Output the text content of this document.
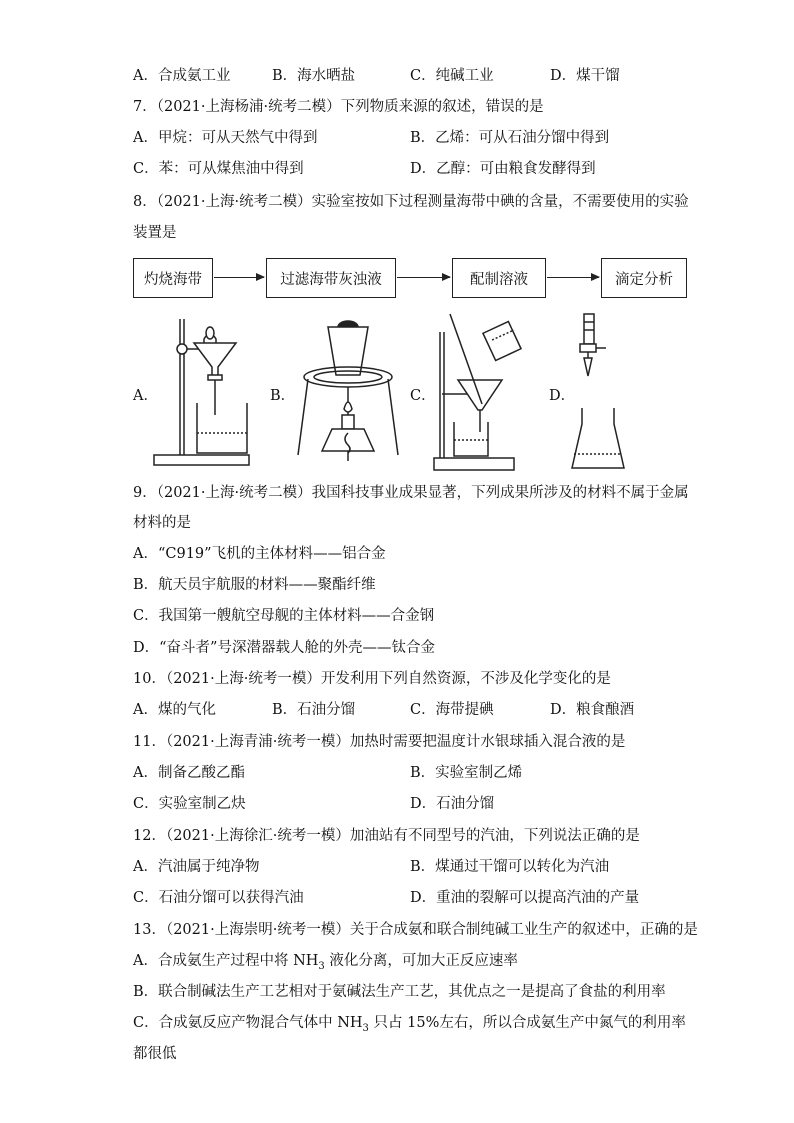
A．合成氨工业	B．海水晒盐	C．纯碱工业	D．煤干馏
7．（2021·上海杨浦·统考二模）下列物质来源的叙述，错误的是
A．甲烷：可从天然气中得到	B．乙烯：可从石油分馏中得到
C．苯：可从煤焦油中得到	D．乙醇：可由粮食发酵得到
8．（2021·上海·统考二模）实验室按如下过程测量海带中碘的含量，不需要使用的实验
装置是
灼烧海带	过滤海带灰浊液	配制溶液	滴定分析
A．	B．	C．	D．
9．（2021·上海·统考二模）我国科技事业成果显著，下列成果所涉及的材料不属于金属
材料的是
A．“C919”飞机的主体材料——铝合金
B．航天员宇航服的材料——聚酯纤维
C．我国第一艘航空母舰的主体材料——合金钢
D．“奋斗者”号深潜器载人舱的外壳——钛合金
10．（2021·上海·统考一模）开发利用下列自然资源，不涉及化学变化的是
A．煤的气化	B．石油分馏	C．海带提碘	D．粮食酿酒
11．（2021·上海青浦·统考一模）加热时需要把温度计水银球插入混合液的是
A．制备乙酸乙酯	B．实验室制乙烯
C．实验室制乙炔	D．石油分馏
12．（2021·上海徐汇·统考一模）加油站有不同型号的汽油，下列说法正确的是
A．汽油属于纯净物	B．煤通过干馏可以转化为汽油
C．石油分馏可以获得汽油	D．重油的裂解可以提高汽油的产量
13．（2021·上海崇明·统考一模）关于合成氨和联合制纯碱工业生产的叙述中，正确的是
A．合成氨生产过程中将 $NH_3$ 液化分离，可加大正反应速率
B．联合制碱法生产工艺相对于氨碱法生产工艺，其优点之一是提高了食盐的利用率
C．合成氨反应产物混合气体中 $NH_3$ 只占 15%左右，所以合成氨生产中氮气的利用率
都很低
